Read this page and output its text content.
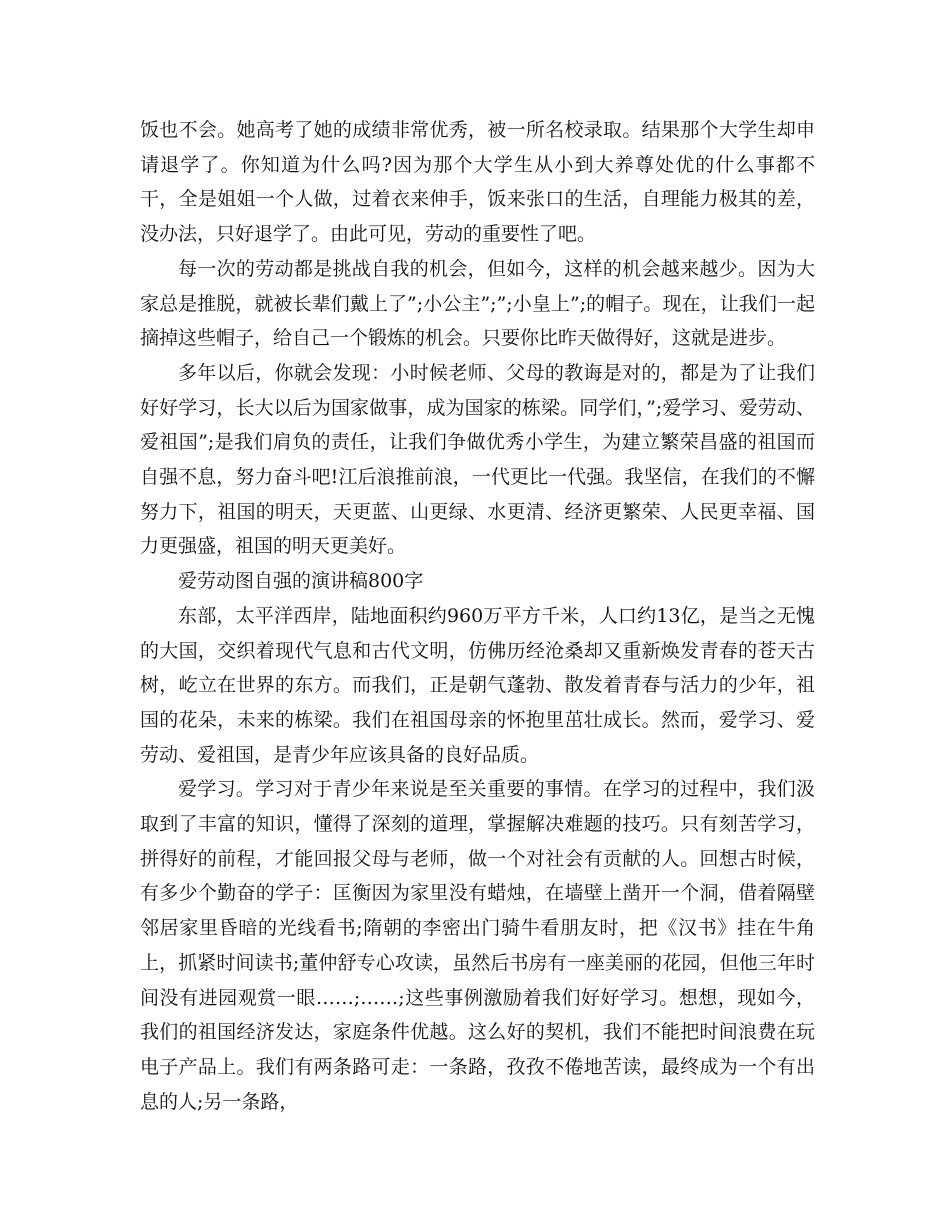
饭也不会。她高考了她的成绩非常优秀，被一所名校录取。结果那个大学生却申请退学了。你知道为什么吗?因为那个大学生从小到大养尊处优的什么事都不干，全是姐姐一个人做，过着衣来伸手，饭来张口的生活，自理能力极其的差，没办法，只好退学了。由此可见，劳动的重要性了吧。

每一次的劳动都是挑战自我的机会，但如今，这样的机会越来越少。因为大家总是推脱，就被长辈们戴上了”;小公主”;”;小皇上”;的帽子。现在，让我们一起摘掉这些帽子，给自己一个锻炼的机会。只要你比昨天做得好，这就是进步。

多年以后，你就会发现：小时候老师、父母的教诲是对的，都是为了让我们好好学习，长大以后为国家做事，成为国家的栋梁。同学们，”;爱学习、爱劳动、爱祖国”;是我们肩负的责任，让我们争做优秀小学生，为建立繁荣昌盛的祖国而自强不息，努力奋斗吧!江后浪推前浪，一代更比一代强。我坚信，在我们的不懈努力下，祖国的明天，天更蓝、山更绿、水更清、经济更繁荣、人民更幸福、国力更强盛，祖国的明天更美好。

爱劳动图自强的演讲稿800字

东部，太平洋西岸，陆地面积约960万平方千米，人口约13亿，是当之无愧的大国，交织着现代气息和古代文明，仿佛历经沧桑却又重新焕发青春的苍天古树，屹立在世界的东方。而我们，正是朝气蓬勃、散发着青春与活力的少年，祖国的花朵，未来的栋梁。我们在祖国母亲的怀抱里茁壮成长。然而，爱学习、爱劳动、爱祖国，是青少年应该具备的良好品质。

爱学习。学习对于青少年来说是至关重要的事情。在学习的过程中，我们汲取到了丰富的知识，懂得了深刻的道理，掌握解决难题的技巧。只有刻苦学习，拼得好的前程，才能回报父母与老师，做一个对社会有贡献的人。回想古时候，有多少个勤奋的学子：匡衡因为家里没有蜡烛，在墙壁上凿开一个洞，借着隔壁邻居家里昏暗的光线看书;隋朝的李密出门骑牛看朋友时，把《汉书》挂在牛角上，抓紧时间读书;董仲舒专心攻读，虽然后书房有一座美丽的花园，但他三年时间没有进园观赏一眼……;……;这些事例激励着我们好好学习。想想，现如今，我们的祖国经济发达，家庭条件优越。这么好的契机，我们不能把时间浪费在玩电子产品上。我们有两条路可走：一条路，孜孜不倦地苦读，最终成为一个有出息的人;另一条路，
